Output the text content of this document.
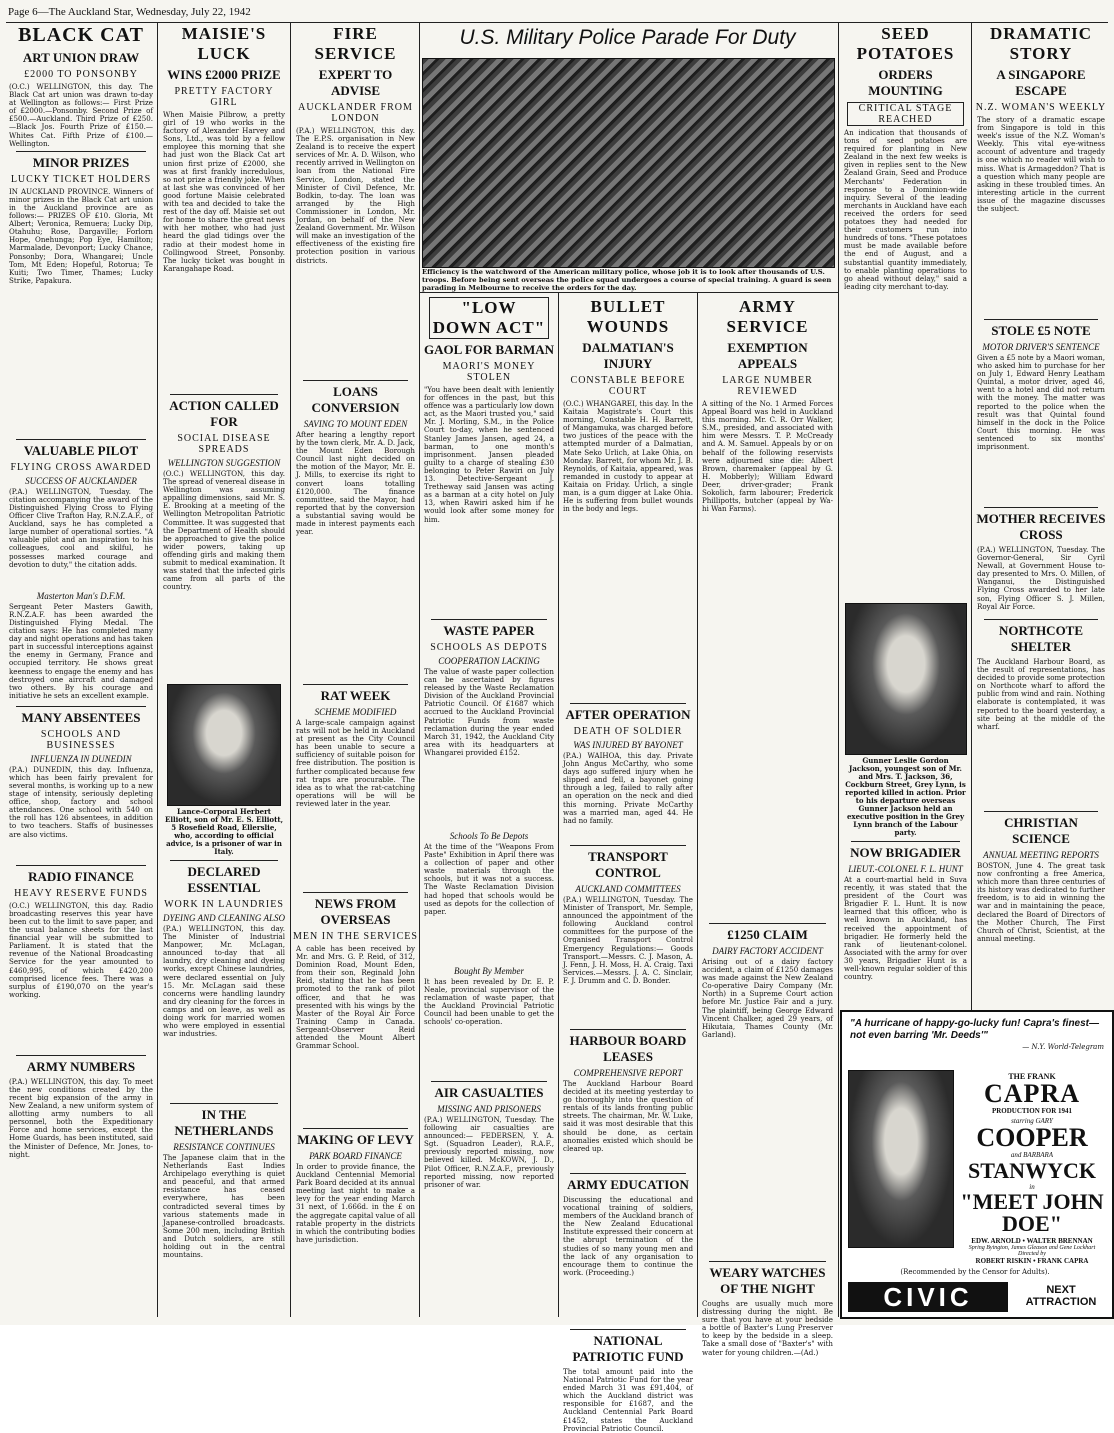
Page 6—The Auckland Star, Wednesday, July 22, 1942
BLACK CAT
ART UNION DRAW
£2000 TO PONSONBY
(O.C.) WELLINGTON, this day. The Black Cat art union was drawn to-day at Wellington as follows:— First Prize of £2000.—Ponsonby. Second Prize of £500.—Auckland. Third Prize of £250.—Black Jos. Fourth Prize of £150.—Whites Cat. Fifth Prize of £100.—Wellington.
MINOR PRIZES
LUCKY TICKET HOLDERS
IN AUCKLAND PROVINCE. Winners of minor prizes in the Black Cat art union in the Auckland province are as follows:— PRIZES OF £10. Gloria, Mt Albert; Veronica, Remuera; Lucky Dip, Otahuhu; Rose, Dargaville; Forlorn Hope, Onehunga; Pop Eye, Hamilton; Marmalade, Devonport; Lucky Chance, Ponsonby; Dora, Whangarei; Uncle Tom, Mt Eden; Hopeful, Rotorua; Te Kuiti; Two Timer, Thames; Lucky Strike, Papakura.
VALUABLE PILOT
FLYING CROSS AWARDED
SUCCESS OF AUCKLANDER
(P.A.) WELLINGTON, Tuesday. The citation accompanying the award of the Distinguished Flying Cross to Flying Officer Clive Trafton Hay, R.N.Z.A.F., of Auckland, says he has completed a large number of operational sorties. "A valuable pilot and an inspiration to his colleagues, cool and skilful, he possesses marked courage and devotion to duty," the citation adds.
Masterton Man's D.F.M.
Sergeant Peter Masters Gawith, R.N.Z.A.F. has been awarded the Distinguished Flying Medal. The citation says: He has completed many day and night operations and has taken part in successful interceptions against the enemy in Germany, France and occupied territory. He shows great keenness to engage the enemy and has destroyed one aircraft and damaged two others. By his courage and initiative he sets an excellent example.
MANY ABSENTEES
SCHOOLS AND BUSINESSES
INFLUENZA IN DUNEDIN
(P.A.) DUNEDIN, this day. Influenza, which has been fairly prevalent for several months, is working up to a new stage of intensity, seriously depleting office, shop, factory and school attendances. One school with 540 on the roll has 126 absentees, in addition to two teachers. Staffs of businesses are also victims.
RADIO FINANCE
HEAVY RESERVE FUNDS
(O.C.) WELLINGTON, this day. Radio broadcasting reserves this year have been cut to the limit to save paper, and the usual balance sheets for the last financial year will be submitted to Parliament. It is stated that the revenue of the National Broadcasting Service for the year amounted to £460,995, of which £420,200 comprised licence fees. There was a surplus of £190,070 on the year's working.
ARMY NUMBERS
(P.A.) WELLINGTON, this day. To meet the new conditions created by the recent big expansion of the army in New Zealand, a new uniform system of allotting army numbers to all personnel, both the Expeditionary Force and home services, except the Home Guards, has been instituted, said the Minister of Defence, Mr. Jones, to-night.
MAISIE'S LUCK
WINS £2000 PRIZE
PRETTY FACTORY GIRL
When Maisie Pilbrow, a pretty girl of 19 who works in the factory of Alexander Harvey and Sons, Ltd., was told by a fellow employee this morning that she had just won the Black Cat art union first prize of £2000, she was at first frankly incredulous, so not prize a friendly joke. When at last she was convinced of her good fortune Maisie celebrated with tea and decided to take the rest of the day off. Maisie set out for home to share the great news with her mother, who had just heard the glad tidings over the radio at their modest home in Collingwood Street, Ponsonby. The lucky ticket was bought in Karangahape Road.
ACTION CALLED FOR
SOCIAL DISEASE SPREADS
WELLINGTON SUGGESTION
(O.C.) WELLINGTON, this day. The spread of venereal disease in Wellington was assuming appalling dimensions, said Mr. S. E. Brooking at a meeting of the Wellington Metropolitan Patriotic Committee. It was suggested that the Department of Health should be approached to give the police wider powers, taking up offending girls and making them submit to medical examination. It was stated that the infected girls came from all parts of the country.
Lance-Corporal Herbert Elliott, son of Mr. E. S. Elliott, 5 Rosefield Road, Ellerslie, who, according to official advice, is a prisoner of war in Italy.
DECLARED ESSENTIAL
WORK IN LAUNDRIES
DYEING AND CLEANING ALSO
(P.A.) WELLINGTON, this day. The Minister of Industrial Manpower, Mr. McLagan, announced to-day that all laundry, dry cleaning and dyeing works, except Chinese laundries, were declared essential on July 15. Mr. McLagan said these concerns were handling laundry and dry cleaning for the forces in camps and on leave, as well as doing work for married women who were employed in essential war industries.
IN THE NETHERLANDS
RESISTANCE CONTINUES
The Japanese claim that in the Netherlands East Indies Archipelago everything is quiet and peaceful, and that armed resistance has ceased everywhere, has been contradicted several times by various statements made in Japanese-controlled broadcasts. Some 200 men, including British and Dutch soldiers, are still holding out in the central mountains.
FIRE SERVICE
EXPERT TO ADVISE
AUCKLANDER FROM LONDON
(P.A.) WELLINGTON, this day. The E.P.S. organisation in New Zealand is to receive the expert services of Mr. A. D. Wilson, who recently arrived in Wellington on loan from the National Fire Service, London, stated the Minister of Civil Defence, Mr. Bodkin, to-day. The loan was arranged by the High Commissioner in London, Mr. Jordan, on behalf of the New Zealand Government. Mr. Wilson will make an investigation of the effectiveness of the existing fire protection position in various districts.
LOANS CONVERSION
SAVING TO MOUNT EDEN
After hearing a lengthy report by the town clerk, Mr. A. D. Jack, the Mount Eden Borough Council last night decided on the motion of the Mayor, Mr. E. J. Mills, to exercise its right to convert loans totalling £120,000. The finance committee, said the Mayor, had reported that by the conversion a substantial saving would be made in interest payments each year.
RAT WEEK
SCHEME MODIFIED
A large-scale campaign against rats will not be held in Auckland at present as the City Council has been unable to secure a sufficiency of suitable poison for free distribution. The position is further complicated because few rat traps are procurable. The idea as to what the rat-catching operations will be will be reviewed later in the year.
NEWS FROM OVERSEAS
MEN IN THE SERVICES
A cable has been received by Mr. and Mrs. G. P. Reid, of 312, Dominion Road, Mount Eden, from their son, Reginald John Reid, stating that he has been promoted to the rank of pilot officer, and that he was presented with his wings by the Master of the Royal Air Force Training Camp in Canada. Sergeant-Observer Reid attended the Mount Albert Grammar School.
MAKING OF LEVY
PARK BOARD FINANCE
In order to provide finance, the Auckland Centennial Memorial Park Board decided at its annual meeting last night to make a levy for the year ending March 31 next, of 1.666d. in the £ on the aggregate capital value of all ratable property in the districts in which the contributing bodies have jurisdiction.
U.S. Military Police Parade For Duty
Efficiency is the watchword of the American military police, whose job it is to look after thousands of U.S. troops. Before being sent overseas the police squad undergoes a course of special training. A guard is seen parading in Melbourne to receive the orders for the day.
"LOW DOWN ACT"
GAOL FOR BARMAN
MAORI'S MONEY STOLEN
"You have been dealt with leniently for offences in the past, but this offence was a particularly low down act, as the Maori trusted you," said Mr. J. Morling, S.M., in the Police Court to-day, when he sentenced Stanley James Jansen, aged 24, a barman, to one month's imprisonment. Jansen pleaded guilty to a charge of stealing £30 belonging to Peter Rawiri on July 13. Detective-Sergeant J. Tretheway said Jansen was acting as a barman at a city hotel on July 13, when Rawiri asked him if he would look after some money for him.
WASTE PAPER
SCHOOLS AS DEPOTS
COOPERATION LACKING
The value of waste paper collection can be ascertained by figures released by the Waste Reclamation Division of the Auckland Provincial Patriotic Council. Of £1687 which accrued to the Auckland Provincial Patriotic Funds from waste reclamation during the year ended March 31, 1942, the Auckland City area with its headquarters at Whangarei provided £152.
Schools To Be Depots
At the time of the "Weapons From Paste" Exhibition in April there was a collection of paper and other waste materials through the schools, but it was not a success. The Waste Reclamation Division had hoped that schools would be used as depots for the collection of paper.
Bought By Member
It has been revealed by Dr. E. P. Neale, provincial supervisor of the reclamation of waste paper, that the Auckland Provincial Patriotic Council had been unable to get the schools' co-operation.
AIR CASUALTIES
MISSING AND PRISONERS
(P.A.) WELLINGTON, Tuesday. The following air casualties are announced:— FEDERSEN, Y. A. Sgt. (Squadron Leader), R.A.F., previously reported missing, now believed killed. McKOWN, J. D., Pilot Officer, R.N.Z.A.F., previously reported missing, now reported prisoner of war.
BULLET WOUNDS
DALMATIAN'S INJURY
CONSTABLE BEFORE COURT
(O.C.) WHANGAREI, this day. In the Kaitaia Magistrate's Court this morning, Constable H. H. Barrett, of Mangamuka, was charged before two justices of the peace with the attempted murder of a Dalmatian, Mate Seko Urlich, at Lake Ohia, on Monday. Barrett, for whom Mr. J. B. Reynolds, of Kaitaia, appeared, was remanded in custody to appear at Kaitaia on Friday. Urlich, a single man, is a gum digger at Lake Ohia. He is suffering from bullet wounds in the body and legs.
AFTER OPERATION
DEATH OF SOLDIER
WAS INJURED BY BAYONET
(P.A.) WAIHOA, this day. Private John Angus McCarthy, who some days ago suffered injury when he slipped and fell, a bayonet going through a leg, failed to rally after an operation on the neck and died this morning. Private McCarthy was a married man, aged 44. He had no family.
TRANSPORT CONTROL
AUCKLAND COMMITTEES
(P.A.) WELLINGTON, Tuesday. The Minister of Transport, Mr. Semple, announced the appointment of the following Auckland control committees for the purpose of the Organised Transport Control Emergency Regulations:— Goods Transport.—Messrs. C. J. Mason, A. J. Fenn, J. H. Moss, H. A. Craig. Taxi Services.—Messrs. J. A. C. Sinclair, F. J. Drumm and C. D. Bonder.
HARBOUR BOARD LEASES
COMPREHENSIVE REPORT
The Auckland Harbour Board decided at its meeting yesterday to go thoroughly into the question of rentals of its lands fronting public streets. The chairman, Mr. W. Luke, said it was most desirable that this should be done, as certain anomalies existed which should be cleared up.
ARMY EDUCATION
Discussing the educational and vocational training of soldiers, members of the Auckland branch of the New Zealand Educational Institute expressed their concern at the abrupt termination of the studies of so many young men and the lack of any organisation to encourage them to continue the work. (Proceeding.)
NATIONAL PATRIOTIC FUND
The total amount paid into the National Patriotic Fund for the year ended March 31 was £91,404, of which the Auckland district was responsible for £1687, and the Auckland Centennial Park Board £1452, states the Auckland Provincial Patriotic Council.
ARMY SERVICE
EXEMPTION APPEALS
LARGE NUMBER REVIEWED
A sitting of the No. 1 Armed Forces Appeal Board was held in Auckland this morning. Mr. C. R. Orr Walker, S.M., presided, and associated with him were Messrs. T. P. McCready and A. M. Samuel. Appeals by or on behalf of the following reservists were adjourned sine die: Albert Brown, charemaker (appeal by G. H. Mobberly); William Edward Deer, driver-grader; Frank Sokolich, farm labourer; Frederick Phillipotts, butcher (appeal by Wa-hi Wan Farms).
£1250 CLAIM
DAIRY FACTORY ACCIDENT
Arising out of a dairy factory accident, a claim of £1250 damages was made against the New Zealand Co-operative Dairy Company (Mr. North) in a Supreme Court action before Mr. Justice Fair and a jury. The plaintiff, being George Edward Vincent Chalker, aged 29 years, of Hikutaia, Thames County (Mr. Garland).
WEARY WATCHES OF THE NIGHT
Coughs are usually much more distressing during the night. Be sure that you have at your bedside a bottle of Baxter's Lung Preserver to keep by the bedside in a sleep. Take a small dose of "Baxter's" with water for young children.—(Ad.)
SEED POTATOES
ORDERS MOUNTING
CRITICAL STAGE REACHED
An indication that thousands of tons of seed potatoes are required for planting in New Zealand in the next few weeks is given in replies sent to the New Zealand Grain, Seed and Produce Merchants' Federation in response to a Dominion-wide inquiry. Several of the leading merchants in Auckland have each received the orders for seed potatoes they had needed for their customers run into hundreds of tons. "These potatoes must be made available before the end of August, and a substantial quantity immediately, to enable planting operations to go ahead without delay," said a leading city merchant to-day.
Gunner Leslie Gordon Jackson, youngest son of Mr. and Mrs. T. Jackson, 36, Cockburn Street, Grey Lynn, is reported killed in action. Prior to his departure overseas Gunner Jackson held an executive position in the Grey Lynn branch of the Labour party.
NOW BRIGADIER
LIEUT.-COLONEL F. L. HUNT
At a court-martial held in Suva recently, it was stated that the president of the Court was Brigadier F. L. Hunt. It is now learned that this officer, who is well known in Auckland, has received the appointment of brigadier. He formerly held the rank of lieutenant-colonel. Associated with the army for over 30 years, Brigadier Hunt is a well-known regular soldier of this country.
DRAMATIC STORY
A SINGAPORE ESCAPE
N.Z. WOMAN'S WEEKLY
The story of a dramatic escape from Singapore is told in this week's issue of the N.Z. Woman's Weekly. This vital eye-witness account of adventure and tragedy is one which no reader will wish to miss. What is Armageddon? That is a question which many people are asking in these troubled times. An interesting article in the current issue of the magazine discusses the subject.
STOLE £5 NOTE
MOTOR DRIVER'S SENTENCE
Given a £5 note by a Maori woman, who asked him to purchase for her on July 1, Edward Henry Leatham Quintal, a motor driver, aged 46, went to a hotel and did not return with the money. The matter was reported to the police when the result was that Quintal found himself in the dock in the Police Court this morning. He was sentenced to six months' imprisonment.
MOTHER RECEIVES CROSS
(P.A.) WELLINGTON, Tuesday. The Governor-General, Sir Cyril Newall, at Government House to-day presented to Mrs. O. Millen, of Wanganui, the Distinguished Flying Cross awarded to her late son, Flying Officer S. J. Millen, Royal Air Force.
NORTHCOTE SHELTER
The Auckland Harbour Board, as the result of representations, has decided to provide some protection on Northcote wharf to afford the public from wind and rain. Nothing elaborate is contemplated, it was reported to the board yesterday, a site being at the middle of the wharf.
CHRISTIAN SCIENCE
ANNUAL MEETING REPORTS
BOSTON, June 4. The great task now confronting a free America, which more than three centuries of its history was dedicated to further freedom, is to aid in winning the war and in maintaining the peace, declared the Board of Directors of the Mother Church, The First Church of Christ, Scientist, at the annual meeting.
"A hurricane of happy-go-lucky fun! Capra's finest—not even barring 'Mr. Deeds'"
— N.Y. World-Telegram
THE FRANK
CAPRA
PRODUCTION FOR 1941
starring GARY
COOPER
and BARBARA
STANWYCK
in
"MEET JOHN DOE"
EDW. ARNOLD • WALTER BRENNAN
Spring Byington, James Gleason and Gene Lockhart
Directed by
ROBERT RISKIN • FRANK CAPRA
(Recommended by the Censor for Adults).
CIVIC	NEXT
ATTRACTION
